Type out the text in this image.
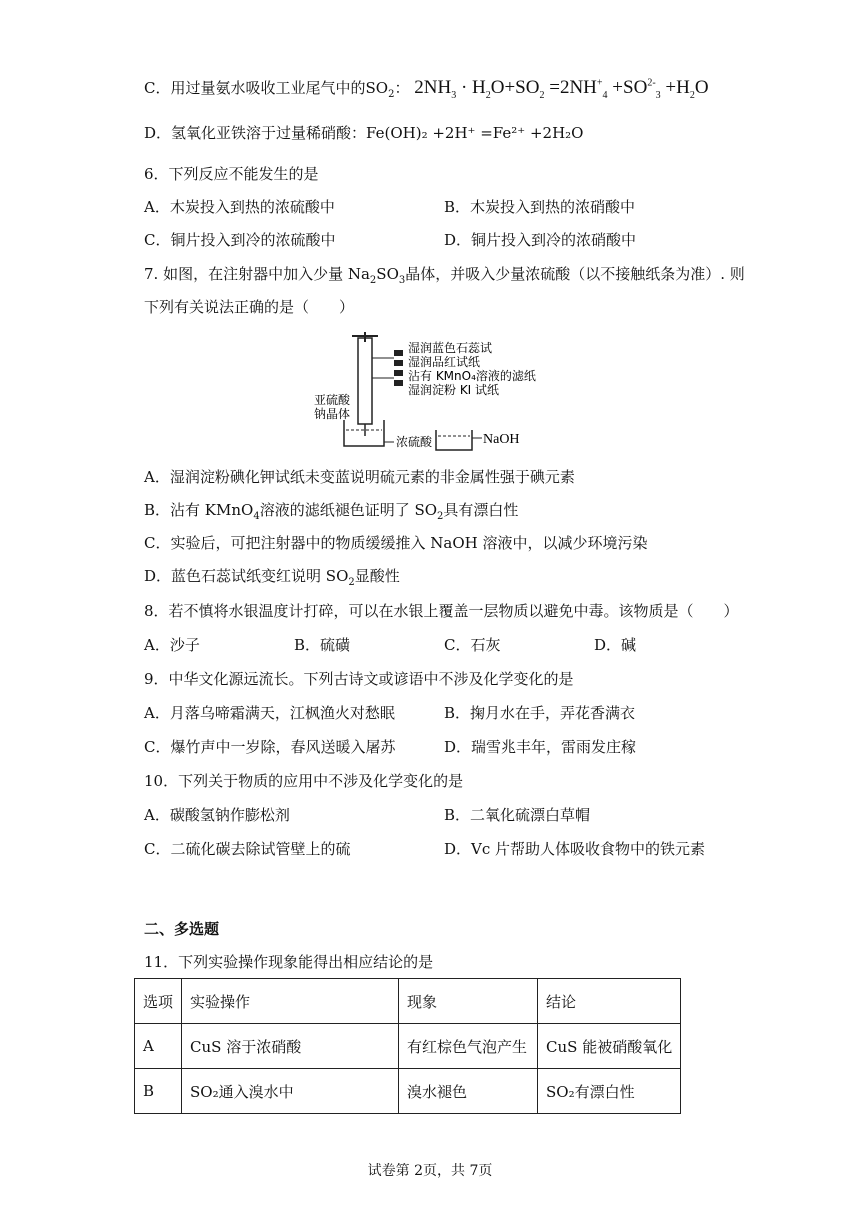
C．用过量氨水吸收工业尾气中的$SO_2$： $2NH_3 \cdot H_2O+SO_2 =2NH^+_4 +SO^{2-}_3 +H_2O$
D．氢氧化亚铁溶于过量稀硝酸：Fe(OH)₂ +2H⁺ =Fe²⁺ +2H₂O
6．下列反应不能发生的是
A．木炭投入到热的浓硫酸中	B．木炭投入到热的浓硝酸中
C．铜片投入到冷的浓硫酸中	D．铜片投入到冷的浓硝酸中
7. 如图，在注射器中加入少量 $Na_2SO_3$晶体，并吸入少量浓硫酸（以不接触纸条为准）. 则
下列有关说法正确的是（　　）
湿润蓝色石蕊试
湿润品红试纸
沾有 KMnO₄溶液的滤纸
湿润淀粉 KI 试纸
亚硫酸
钠晶体
浓硫酸	NaOH
A．湿润淀粉碘化钾试纸未变蓝说明硫元素的非金属性强于碘元素
B．沾有 KMnO$_4$溶液的滤纸褪色证明了 $SO_2$具有漂白性
C．实验后，可把注射器中的物质缓缓推入 NaOH 溶液中，以减少环境污染
D．蓝色石蕊试纸变红说明 $SO_2$显酸性
8．若不慎将水银温度计打碎，可以在水银上覆盖一层物质以避免中毒。该物质是（　　）
A．沙子	B．硫磺	C．石灰	D．碱
9．中华文化源远流长。下列古诗文或谚语中不涉及化学变化的是
A．月落乌啼霜满天，江枫渔火对愁眠	B．掬月水在手，弄花香满衣
C．爆竹声中一岁除，春风送暖入屠苏	D．瑞雪兆丰年，雷雨发庄稼
10．下列关于物质的应用中不涉及化学变化的是
A．碳酸氢钠作膨松剂	B．二氧化硫漂白草帽
C．二硫化碳去除试管壁上的硫	D．Vc 片帮助人体吸收食物中的铁元素
二、多选题
11．下列实验操作现象能得出相应结论的是
选项	实验操作	现象	结论
A	CuS 溶于浓硝酸	有红棕色气泡产生	CuS 能被硝酸氧化
B	SO₂通入溴水中	溴水褪色	SO₂有漂白性
试卷第 2页，共 7页
